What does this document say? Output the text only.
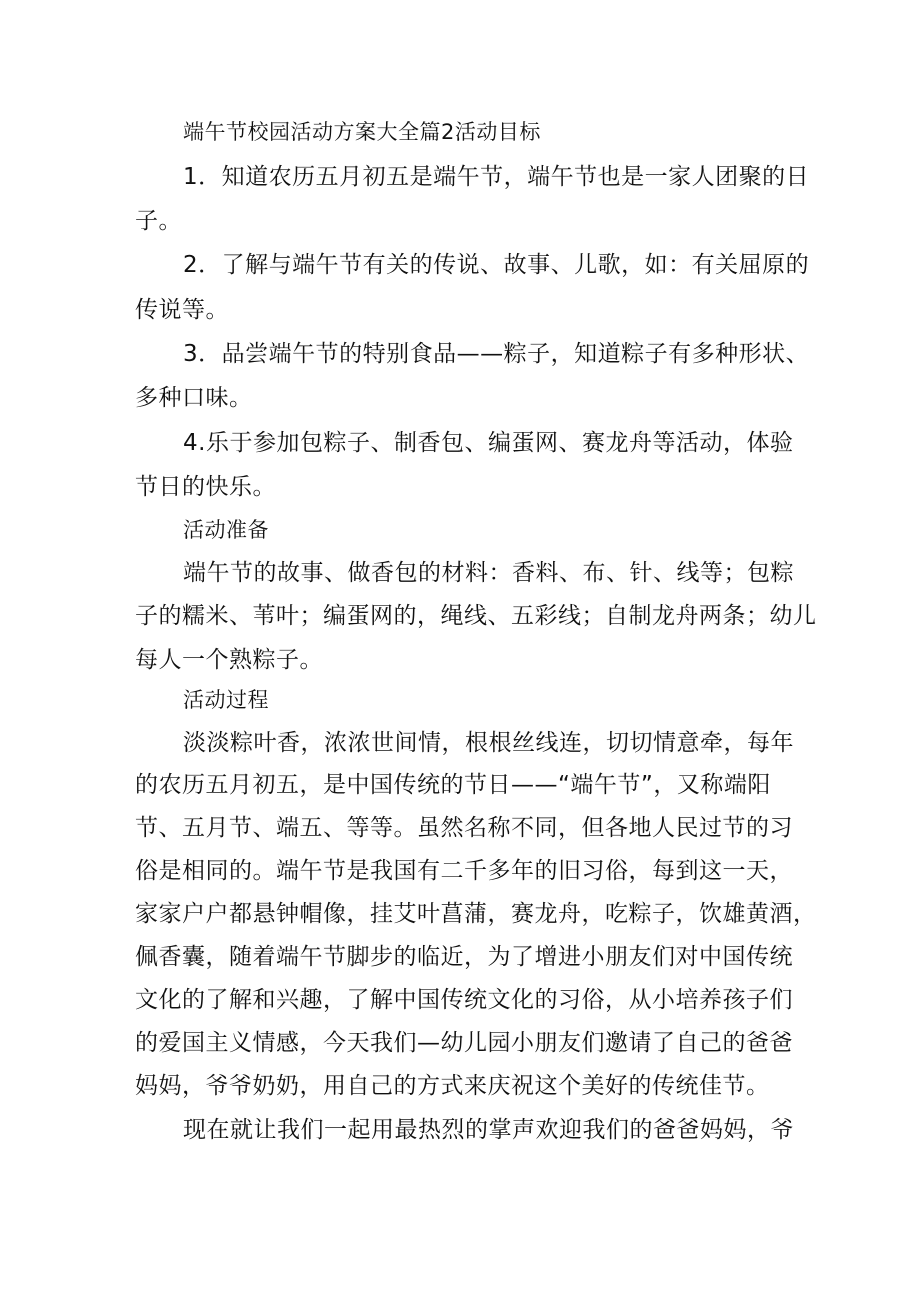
端午节校园活动方案大全篇2活动目标

1．知道农历五月初五是端午节，端午节也是一家人团聚的日

子。

2．了解与端午节有关的传说、故事、儿歌，如：有关屈原的

传说等。

3．品尝端午节的特别食品——粽子，知道粽子有多种形状、

多种口味。

4.乐于参加包粽子、制香包、编蛋网、赛龙舟等活动，体验

节日的快乐。

活动准备

端午节的故事、做香包的材料：香料、布、针、线等；包粽

子的糯米、苇叶；编蛋网的，绳线、五彩线；自制龙舟两条；幼儿

每人一个熟粽子。

活动过程

淡淡粽叶香，浓浓世间情，根根丝线连，切切情意牵，每年

的农历五月初五，是中国传统的节日——“端午节”，又称端阳

节、五月节、端五、等等。虽然名称不同，但各地人民过节的习

俗是相同的。端午节是我国有二千多年的旧习俗，每到这一天，

家家户户都悬钟帽像，挂艾叶菖蒲，赛龙舟，吃粽子，饮雄黄酒，

佩香囊，随着端午节脚步的临近，为了增进小朋友们对中国传统

文化的了解和兴趣，了解中国传统文化的习俗，从小培养孩子们

的爱国主义情感，今天我们—幼儿园小朋友们邀请了自己的爸爸

妈妈，爷爷奶奶，用自己的方式来庆祝这个美好的传统佳节。

现在就让我们一起用最热烈的掌声欢迎我们的爸爸妈妈，爷
